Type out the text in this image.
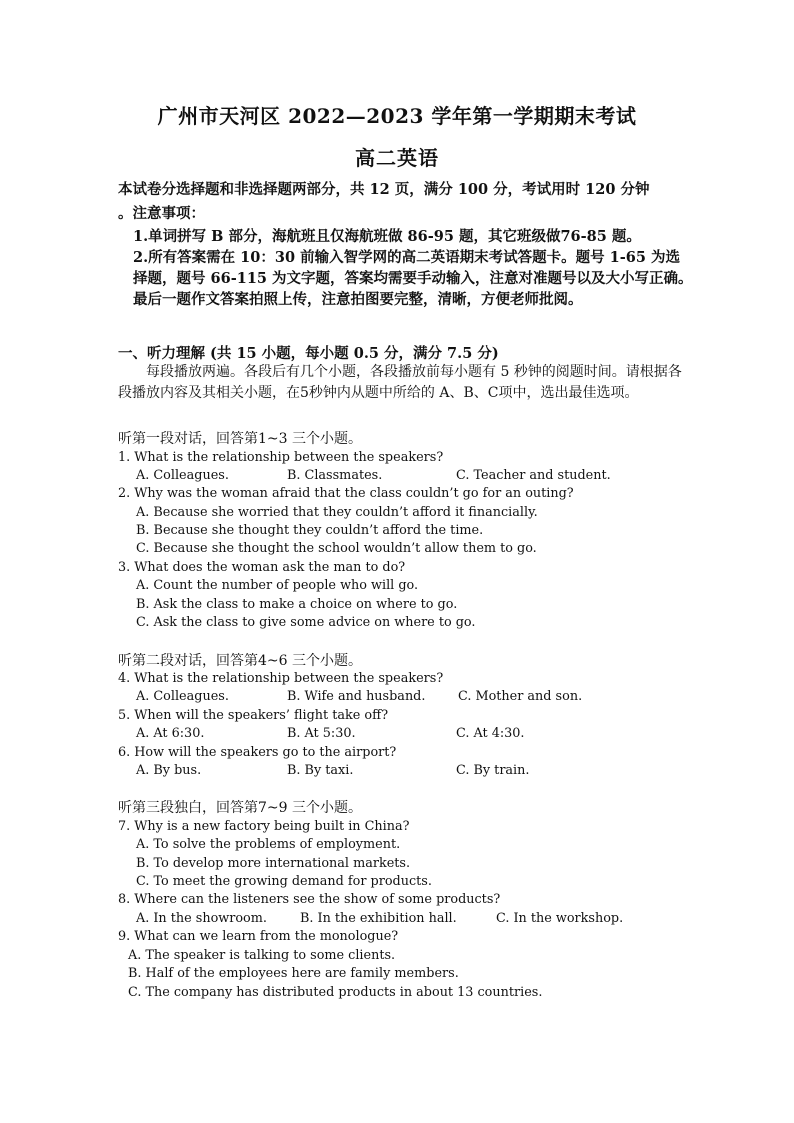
广州市天河区 2022—2023 学年第一学期期末考试
高二英语
本试卷分选择题和非选择题两部分，共 12 页，满分 100 分，考试用时 120 分钟
。注意事项：

1.单词拼写 B 部分，海航班且仅海航班做 86-95 题，其它班级做76-85 题。

2.所有答案需在 10：30 前输入智学网的高二英语期末考试答题卡。题号 1-65 为选择题，题号 66-115 为文字题，答案均需要手动输入，注意对准题号以及大小写正确。最后一题作文答案拍照上传，注意拍图要完整，清晰，方便老师批阅。

一、听力理解 (共 15 小题，每小题 0.5 分，满分 7.5 分)
每段播放两遍。各段后有几个小题，各段播放前每小题有 5 秒钟的阅题时间。请根据各段播放内容及其相关小题，在5秒钟内从题中所给的 A、B、C项中，选出最佳选项。
听第一段对话，回答第1~3 三个小题。
1. What is the relationship between the speakers?
A. Colleagues.	B. Classmates.	C. Teacher and student.
2. Why was the woman afraid that the class couldn’t go for an outing?
A. Because she worried that they couldn’t afford it financially.
B. Because she thought they couldn’t afford the time.
C. Because she thought the school wouldn’t allow them to go.
3. What does the woman ask the man to do?
A. Count the number of people who will go.
B. Ask the class to make a choice on where to go.
C. Ask the class to give some advice on where to go.
听第二段对话，回答第4~6 三个小题。
4. What is the relationship between the speakers?
A. Colleagues.	B. Wife and husband.	C. Mother and son.
5. When will the speakers’ flight take off?
A. At 6:30.	B. At 5:30.	C. At 4:30.
6. How will the speakers go to the airport?
A. By bus.	B. By taxi.	C. By train.
听第三段独白，回答第7~9 三个小题。
7. Why is a new factory being built in China?
A. To solve the problems of employment.
B. To develop more international markets.
C. To meet the growing demand for products.
8. Where can the listeners see the show of some products?
A. In the showroom.	B. In the exhibition hall.	C. In the workshop.
9. What can we learn from the monologue?
A. The speaker is talking to some clients.
B. Half of the employees here are family members.
C. The company has distributed products in about 13 countries.
